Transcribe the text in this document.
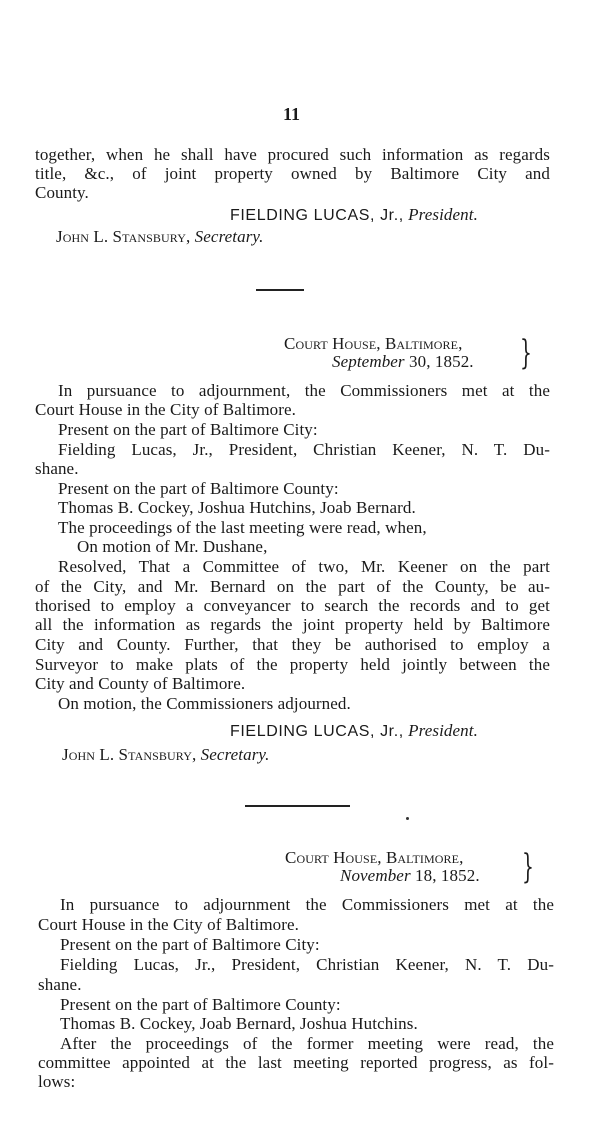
11
together, when he shall have procured such information as regards
title, &c., of joint property owned by Baltimore City and
County.
FIELDING LUCAS, Jr., President.
John L. Stansbury, Secretary.
Court House, Baltimore,
September 30, 1852. }
In pursuance to adjournment, the Commissioners met at the
Court House in the City of Baltimore.
Present on the part of Baltimore City:
Fielding Lucas, Jr., President, Christian Keener, N. T. Du-
shane.
Present on the part of Baltimore County:
Thomas B. Cockey, Joshua Hutchins, Joab Bernard.
The proceedings of the last meeting were read, when,
On motion of Mr. Dushane,
Resolved, That a Committee of two, Mr. Keener on the part
of the City, and Mr. Bernard on the part of the County, be au-
thorised to employ a conveyancer to search the records and to get
all the information as regards the joint property held by Baltimore
City and County. Further, that they be authorised to employ a
Surveyor to make plats of the property held jointly between the
City and County of Baltimore.
On motion, the Commissioners adjourned.
FIELDING LUCAS, Jr., President.
John L. Stansbury, Secretary.
Court House, Baltimore,
November 18, 1852. }
In pursuance to adjournment the Commissioners met at the
Court House in the City of Baltimore.
Present on the part of Baltimore City:
Fielding Lucas, Jr., President, Christian Keener, N. T. Du-
shane.
Present on the part of Baltimore County:
Thomas B. Cockey, Joab Bernard, Joshua Hutchins.
After the proceedings of the former meeting were read, the
committee appointed at the last meeting reported progress, as fol-
lows:
